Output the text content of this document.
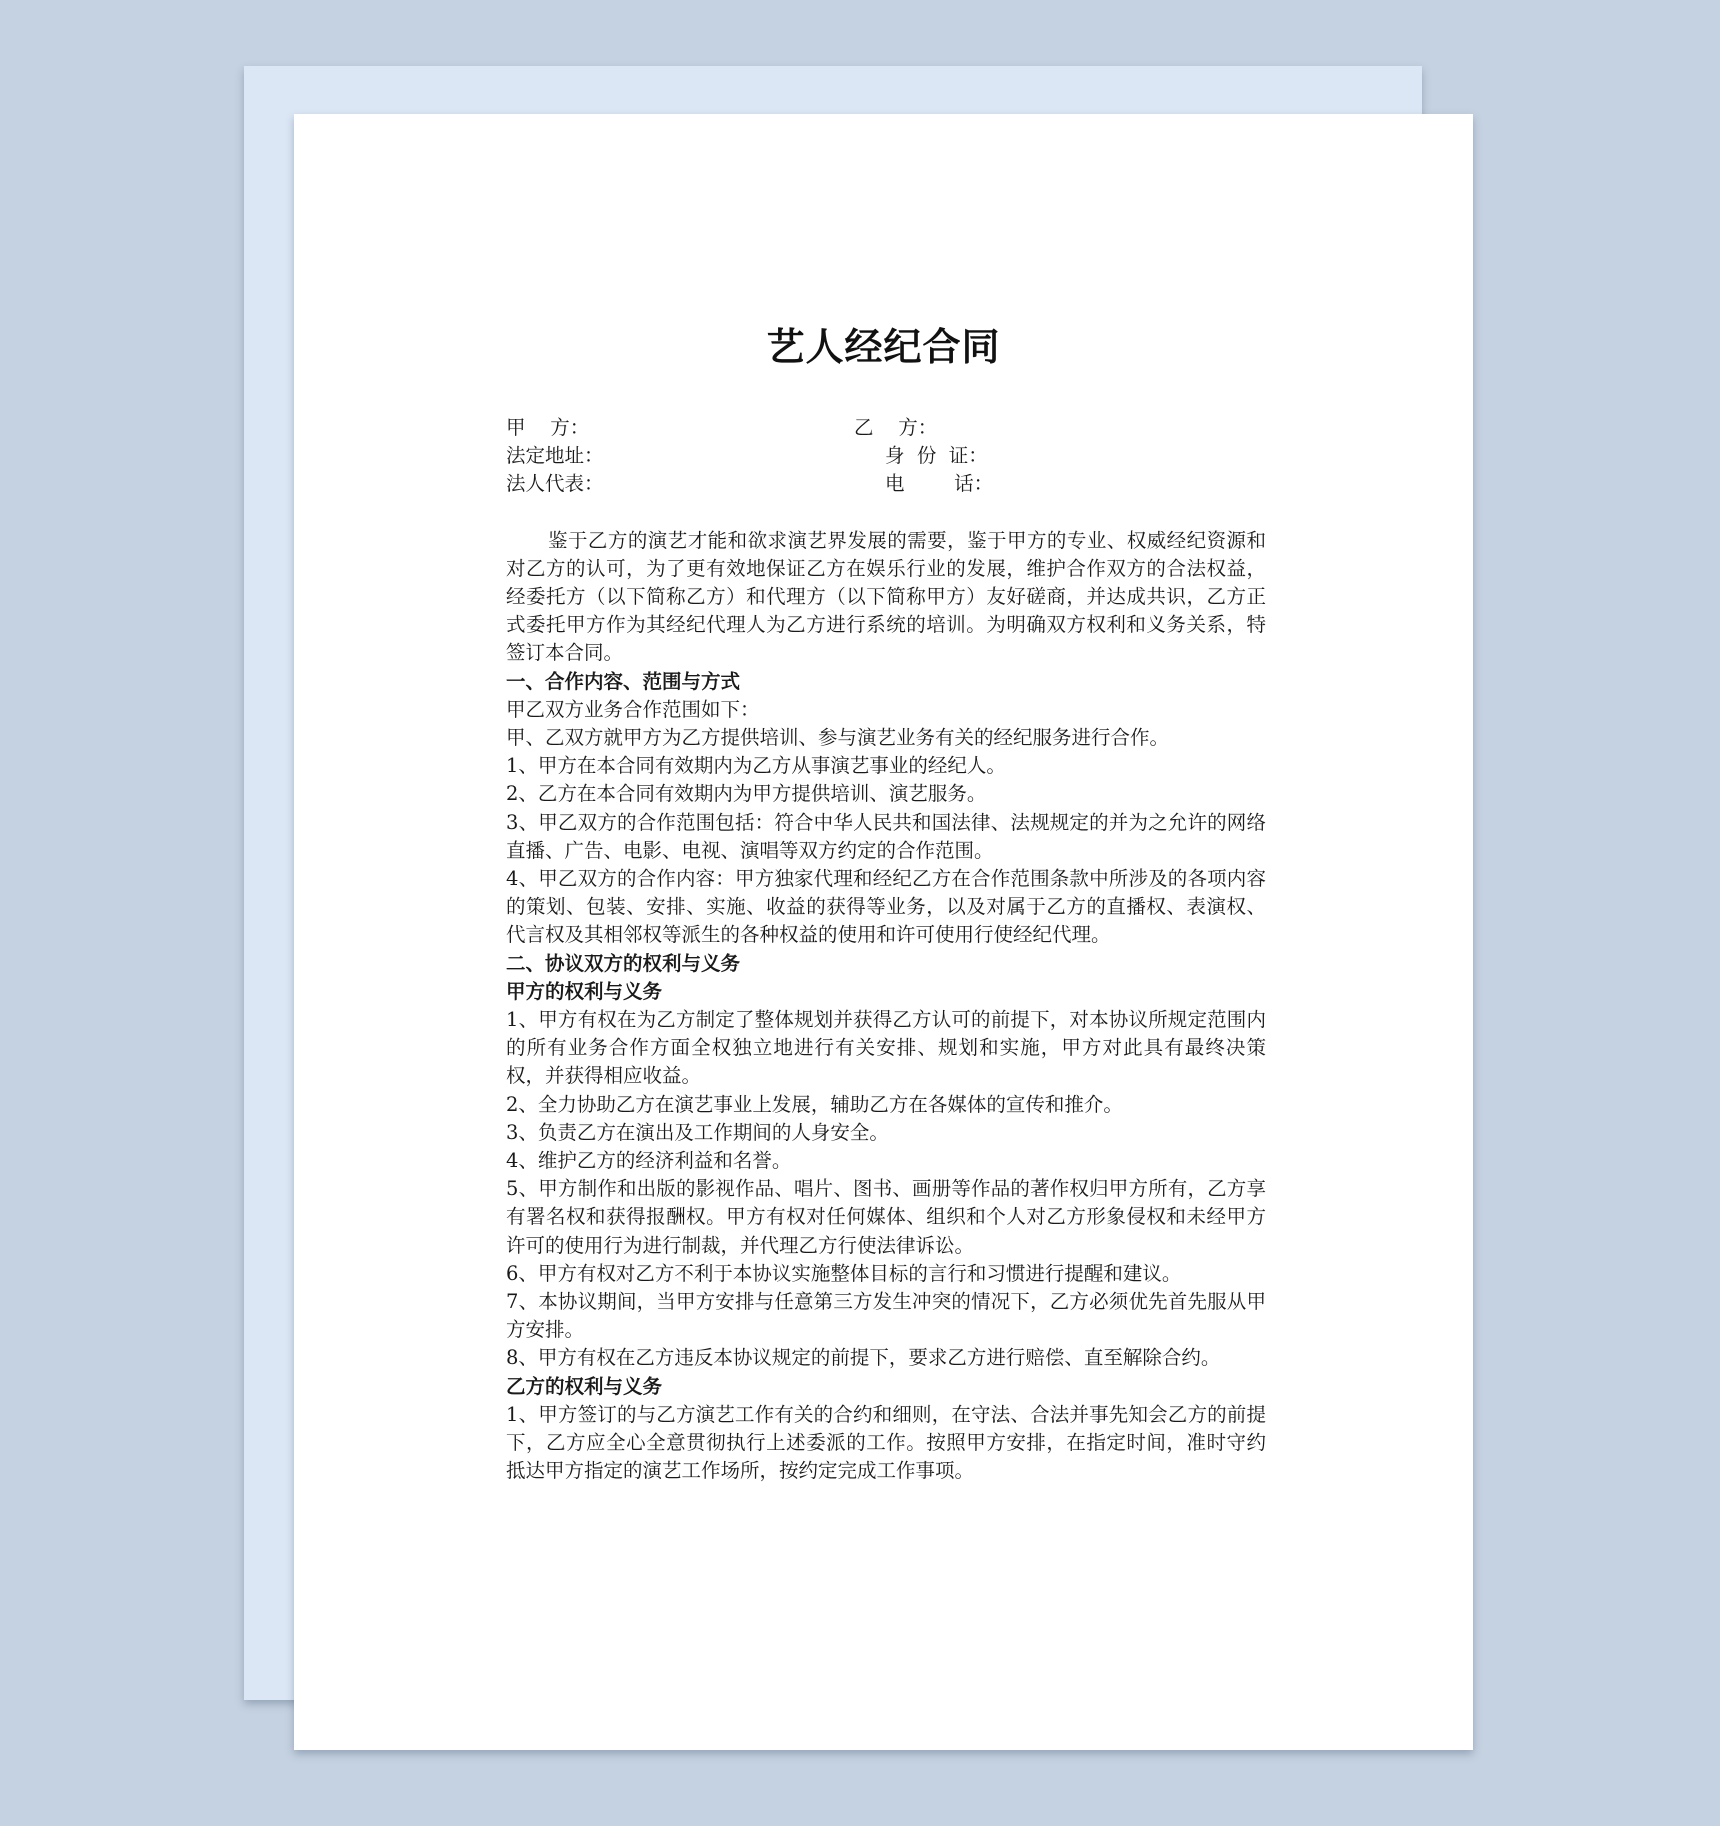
艺人经纪合同
甲    方：	乙    方：
法定地址：	身  份  证：
法人代表：	电        话：

鉴于乙方的演艺才能和欲求演艺界发展的需要，鉴于甲方的专业、权威经纪资源和对乙方的认可，为了更有效地保证乙方在娱乐行业的发展，维护合作双方的合法权益，经委托方（以下简称乙方）和代理方（以下简称甲方）友好磋商，并达成共识，乙方正式委托甲方作为其经纪代理人为乙方进行系统的培训。为明确双方权利和义务关系，特签订本合同。

一、合作内容、范围与方式

甲乙双方业务合作范围如下：

甲、乙双方就甲方为乙方提供培训、参与演艺业务有关的经纪服务进行合作。

1、甲方在本合同有效期内为乙方从事演艺事业的经纪人。

2、乙方在本合同有效期内为甲方提供培训、演艺服务。

3、甲乙双方的合作范围包括：符合中华人民共和国法律、法规规定的并为之允许的网络直播、广告、电影、电视、演唱等双方约定的合作范围。

4、甲乙双方的合作内容：甲方独家代理和经纪乙方在合作范围条款中所涉及的各项内容的策划、包装、安排、实施、收益的获得等业务，以及对属于乙方的直播权、表演权、代言权及其相邻权等派生的各种权益的使用和许可使用行使经纪代理。

二、协议双方的权利与义务

甲方的权利与义务

1、甲方有权在为乙方制定了整体规划并获得乙方认可的前提下，对本协议所规定范围内的所有业务合作方面全权独立地进行有关安排、规划和实施，甲方对此具有最终决策权，并获得相应收益。

2、全力协助乙方在演艺事业上发展，辅助乙方在各媒体的宣传和推介。

3、负责乙方在演出及工作期间的人身安全。

4、维护乙方的经济利益和名誉。

5、甲方制作和出版的影视作品、唱片、图书、画册等作品的著作权归甲方所有，乙方享有署名权和获得报酬权。甲方有权对任何媒体、组织和个人对乙方形象侵权和未经甲方许可的使用行为进行制裁，并代理乙方行使法律诉讼。

6、甲方有权对乙方不利于本协议实施整体目标的言行和习惯进行提醒和建议。

7、本协议期间，当甲方安排与任意第三方发生冲突的情况下，乙方必须优先首先服从甲方安排。

8、甲方有权在乙方违反本协议规定的前提下，要求乙方进行赔偿、直至解除合约。

乙方的权利与义务

1、甲方签订的与乙方演艺工作有关的合约和细则，在守法、合法并事先知会乙方的前提下，乙方应全心全意贯彻执行上述委派的工作。按照甲方安排，在指定时间，准时守约抵达甲方指定的演艺工作场所，按约定完成工作事项。
